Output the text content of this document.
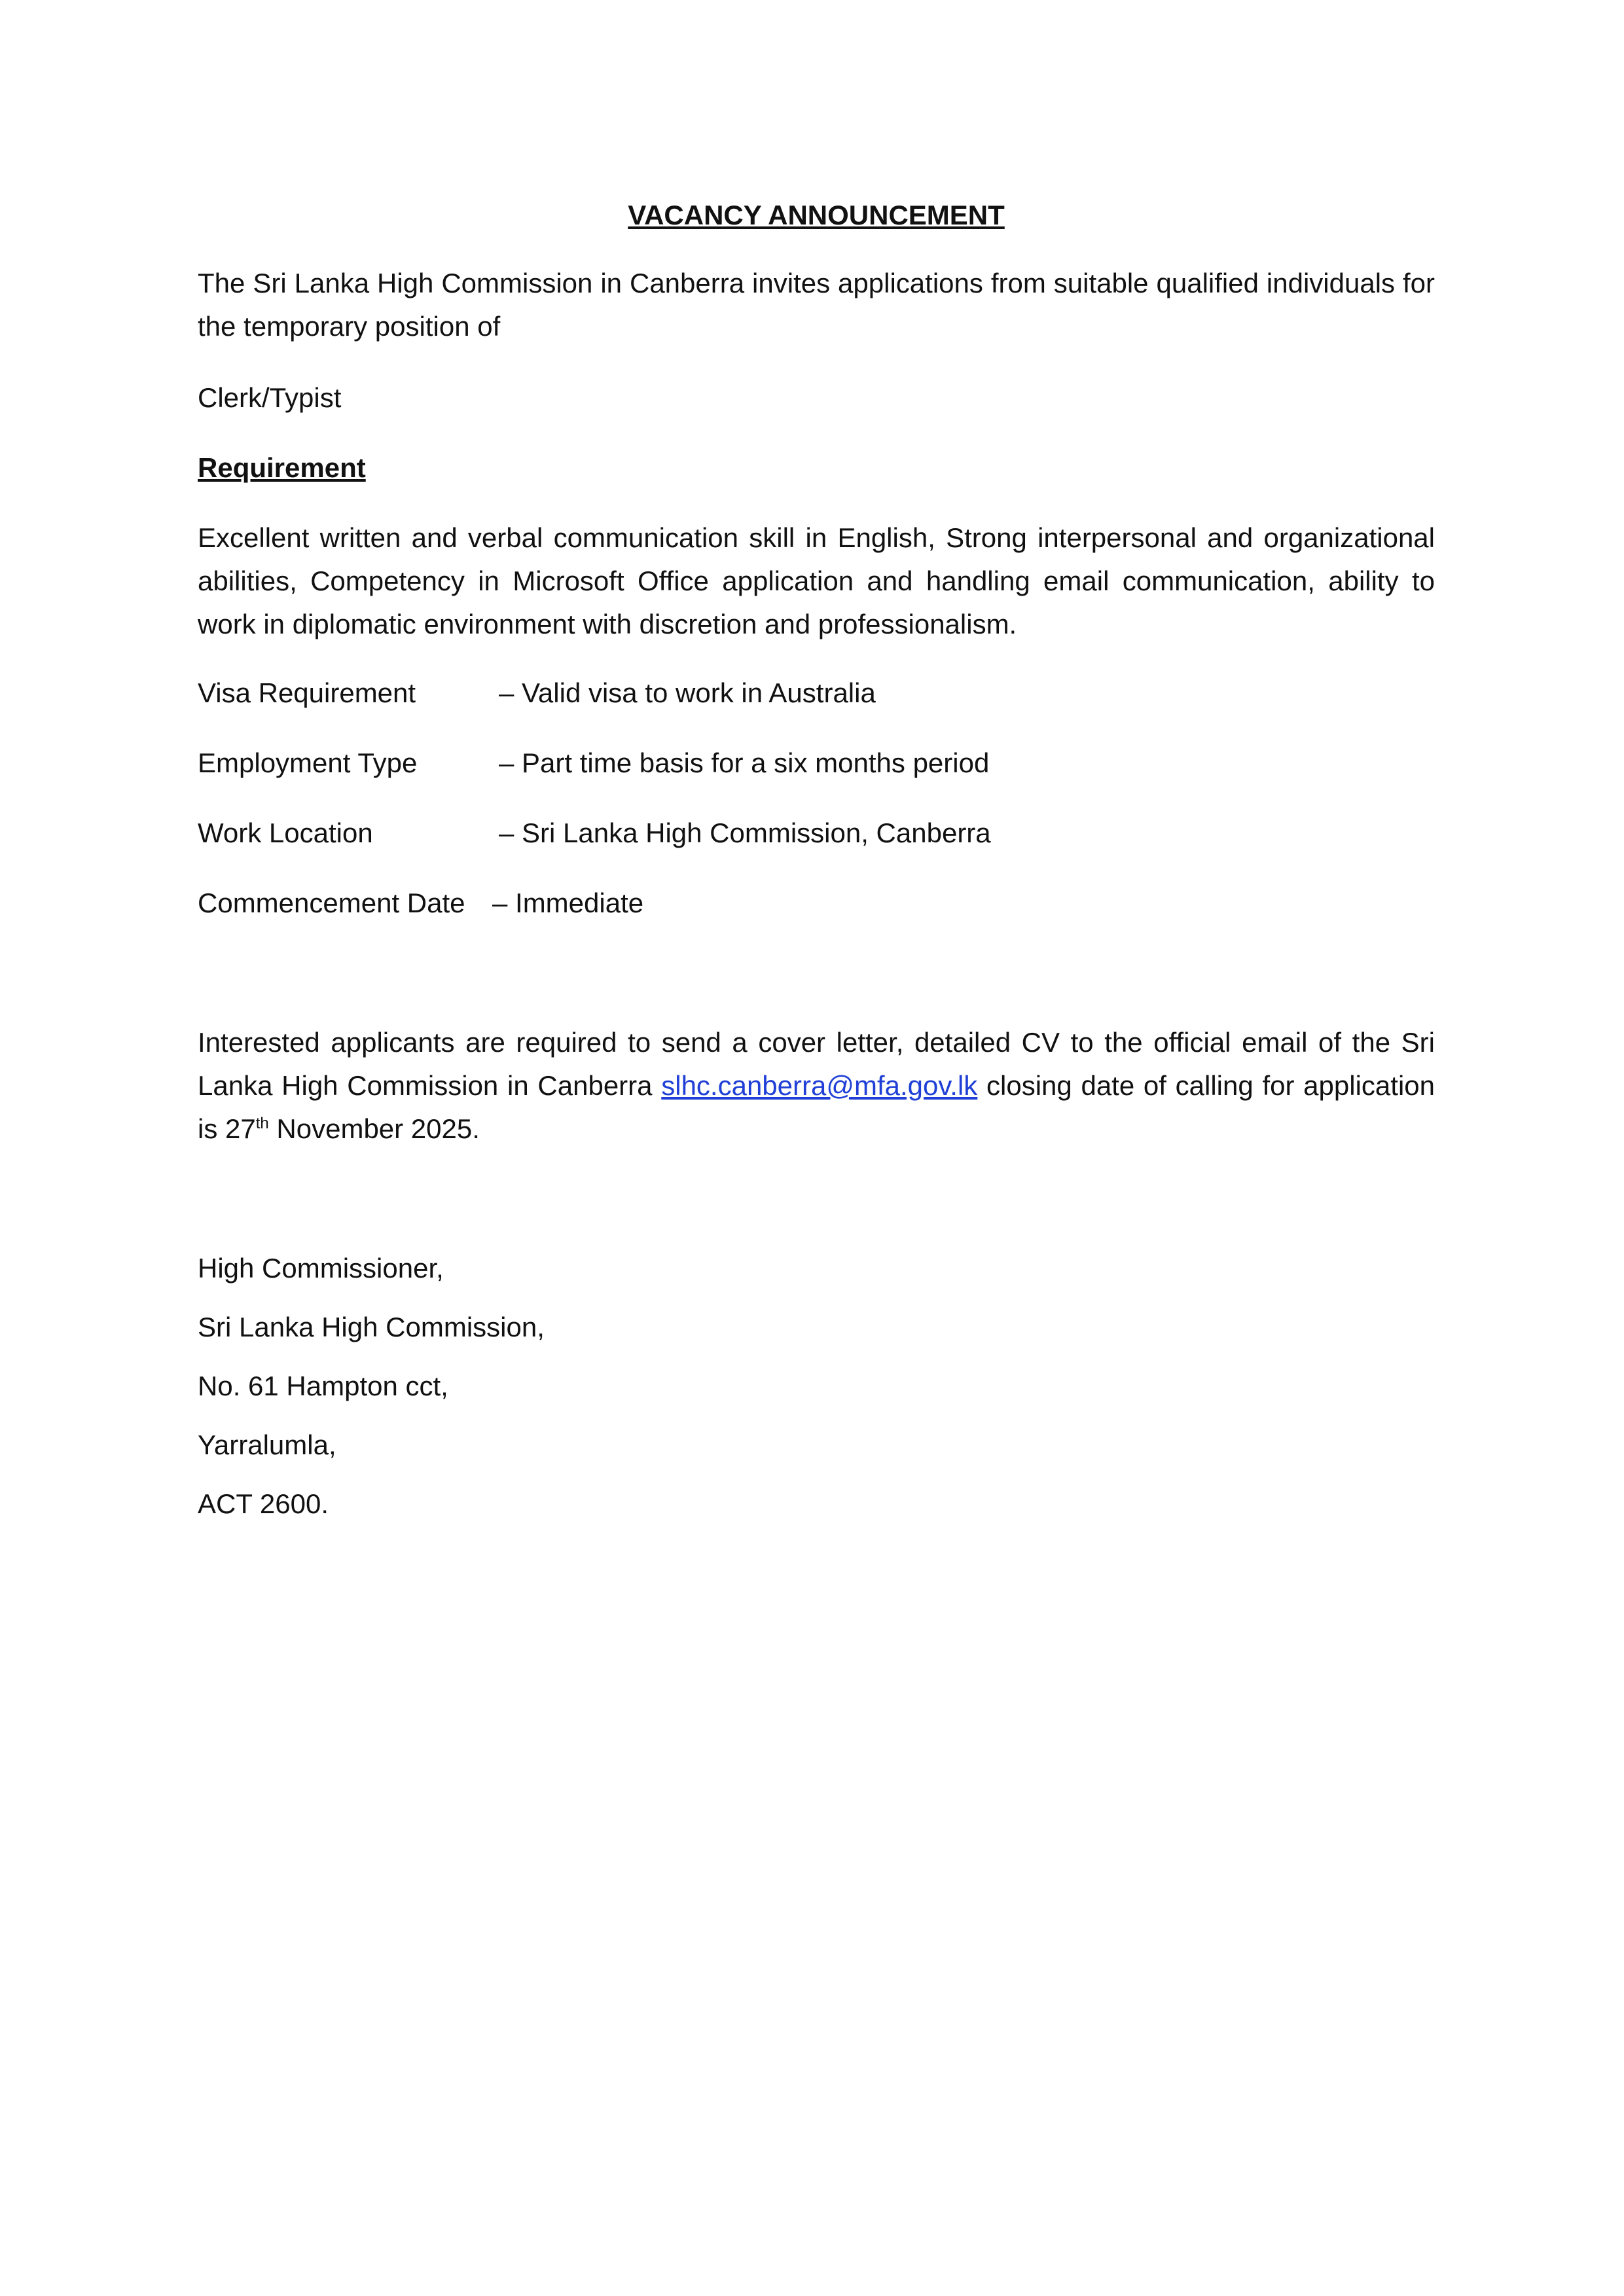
VACANCY ANNOUNCEMENT
The Sri Lanka High Commission in Canberra invites applications from suitable qualified individuals for the temporary position of
Clerk/Typist
Requirement
Excellent written and verbal communication skill in English, Strong interpersonal and organizational abilities, Competency in Microsoft Office application and handling email communication, ability to work in diplomatic environment with discretion and professionalism.
Visa Requirement	– Valid visa to work in Australia
Employment Type	– Part time basis for a six months period
Work Location	– Sri Lanka High Commission, Canberra
Commencement Date – Immediate
Interested applicants are required to send a cover letter, detailed CV to the official email of the Sri Lanka High Commission in Canberra slhc.canberra@mfa.gov.lk closing date of calling for application is 27th November 2025.
High Commissioner,
Sri Lanka High Commission,
No. 61 Hampton cct,
Yarralumla,
ACT 2600.
